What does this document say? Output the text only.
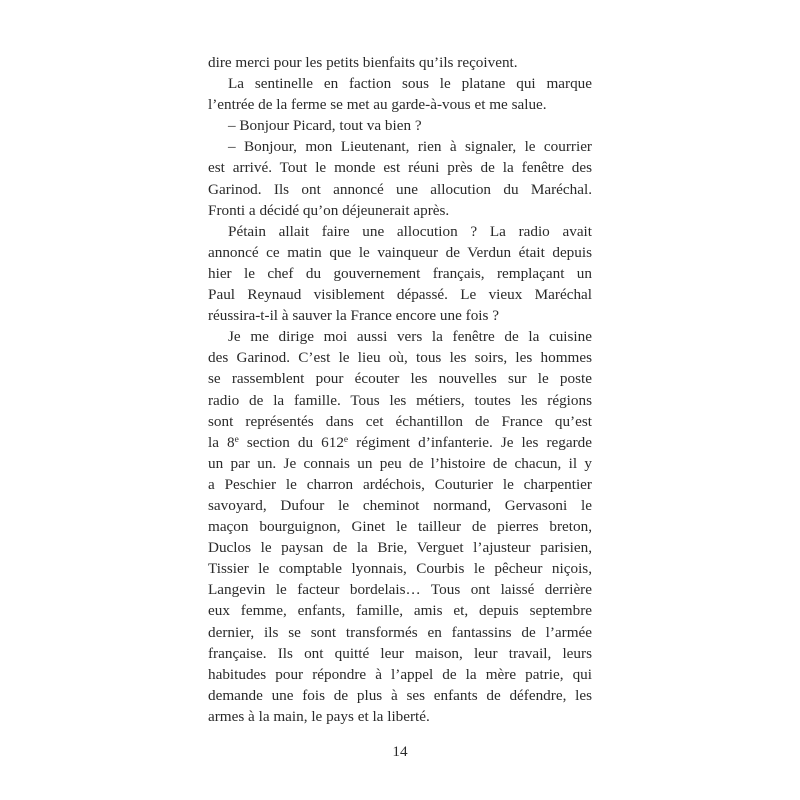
dire merci pour les petits bienfaits qu’ils reçoivent.
La sentinelle en faction sous le platane qui marque
l’entrée de la ferme se met au garde-à-vous et me salue.
– Bonjour Picard, tout va bien ?
– Bonjour, mon Lieutenant, rien à signaler, le courrier
est arrivé. Tout le monde est réuni près de la fenêtre des
Garinod. Ils ont annoncé une allocution du Maréchal.
Fronti a décidé qu’on déjeunerait après.
Pétain allait faire une allocution ? La radio avait
annoncé ce matin que le vainqueur de Verdun était depuis
hier le chef du gouvernement français, remplaçant un
Paul Reynaud visiblement dépassé. Le vieux Maréchal
réussira-t-il à sauver la France encore une fois ?
Je me dirige moi aussi vers la fenêtre de la cuisine
des Garinod. C’est le lieu où, tous les soirs, les hommes
se rassemblent pour écouter les nouvelles sur le poste
radio de la famille. Tous les métiers, toutes les régions
sont représentés dans cet échantillon de France qu’est
la 8e section du 612e régiment d’infanterie. Je les regarde
un par un. Je connais un peu de l’histoire de chacun, il y
a Peschier le charron ardéchois, Couturier le charpentier
savoyard, Dufour le cheminot normand, Gervasoni le
maçon bourguignon, Ginet le tailleur de pierres breton,
Duclos le paysan de la Brie, Verguet l’ajusteur parisien,
Tissier le comptable lyonnais, Courbis le pêcheur niçois,
Langevin le facteur bordelais… Tous ont laissé derrière
eux femme, enfants, famille, amis et, depuis septembre
dernier, ils se sont transformés en fantassins de l’armée
française. Ils ont quitté leur maison, leur travail, leurs
habitudes pour répondre à l’appel de la mère patrie, qui
demande une fois de plus à ses enfants de défendre, les
armes à la main, le pays et la liberté.
14
